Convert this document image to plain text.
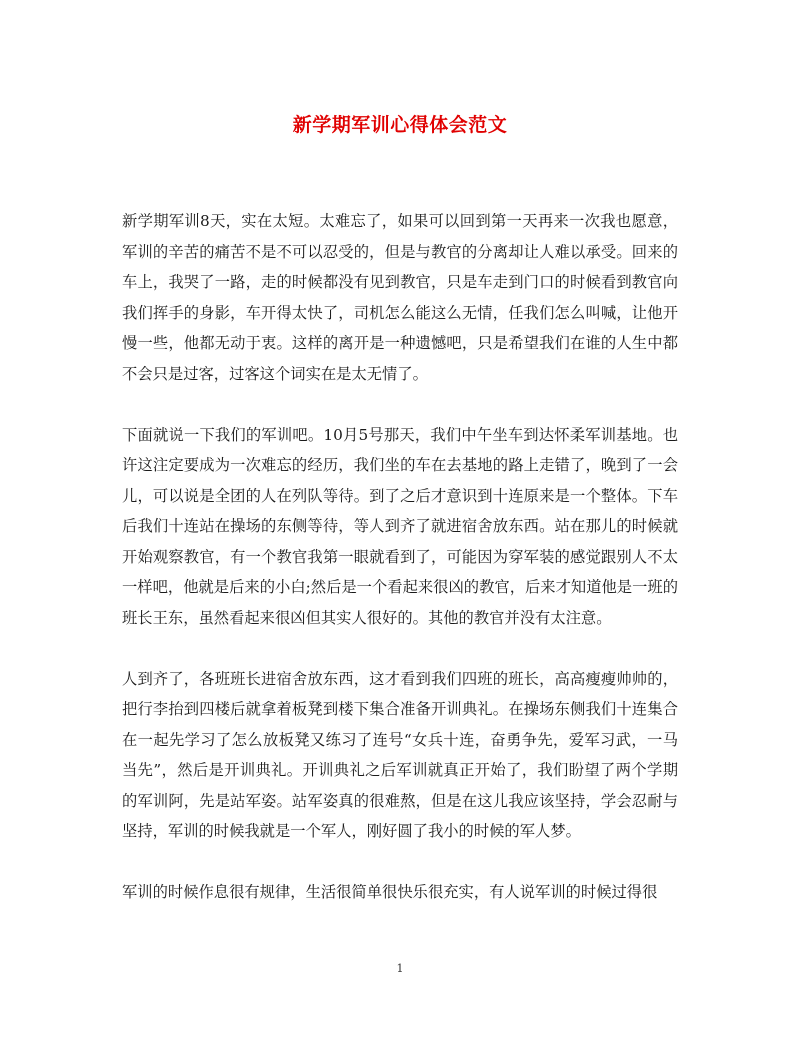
新学期军训心得体会范文

新学期军训8天，实在太短。太难忘了，如果可以回到第一天再来一次我也愿意，军训的辛苦的痛苦不是不可以忍受的，但是与教官的分离却让人难以承受。回来的车上，我哭了一路，走的时候都没有见到教官，只是车走到门口的时候看到教官向我们挥手的身影，车开得太快了，司机怎么能这么无情，任我们怎么叫喊，让他开慢一些，他都无动于衷。这样的离开是一种遗憾吧，只是希望我们在谁的人生中都不会只是过客，过客这个词实在是太无情了。

下面就说一下我们的军训吧。10月5号那天，我们中午坐车到达怀柔军训基地。也许这注定要成为一次难忘的经历，我们坐的车在去基地的路上走错了，晚到了一会儿，可以说是全团的人在列队等待。到了之后才意识到十连原来是一个整体。下车后我们十连站在操场的东侧等待，等人到齐了就进宿舍放东西。站在那儿的时候就开始观察教官，有一个教官我第一眼就看到了，可能因为穿军装的感觉跟别人不太一样吧，他就是后来的小白;然后是一个看起来很凶的教官，后来才知道他是一班的班长王东，虽然看起来很凶但其实人很好的。其他的教官并没有太注意。

人到齐了，各班班长进宿舍放东西，这才看到我们四班的班长，高高瘦瘦帅帅的，把行李抬到四楼后就拿着板凳到楼下集合准备开训典礼。在操场东侧我们十连集合在一起先学习了怎么放板凳又练习了连号“女兵十连，奋勇争先，爱军习武，一马当先”，然后是开训典礼。开训典礼之后军训就真正开始了，我们盼望了两个学期的军训阿，先是站军姿。站军姿真的很难熬，但是在这儿我应该坚持，学会忍耐与坚持，军训的时候我就是一个军人，刚好圆了我小的时候的军人梦。

军训的时候作息很有规律，生活很简单很快乐很充实，有人说军训的时候过得很

1
